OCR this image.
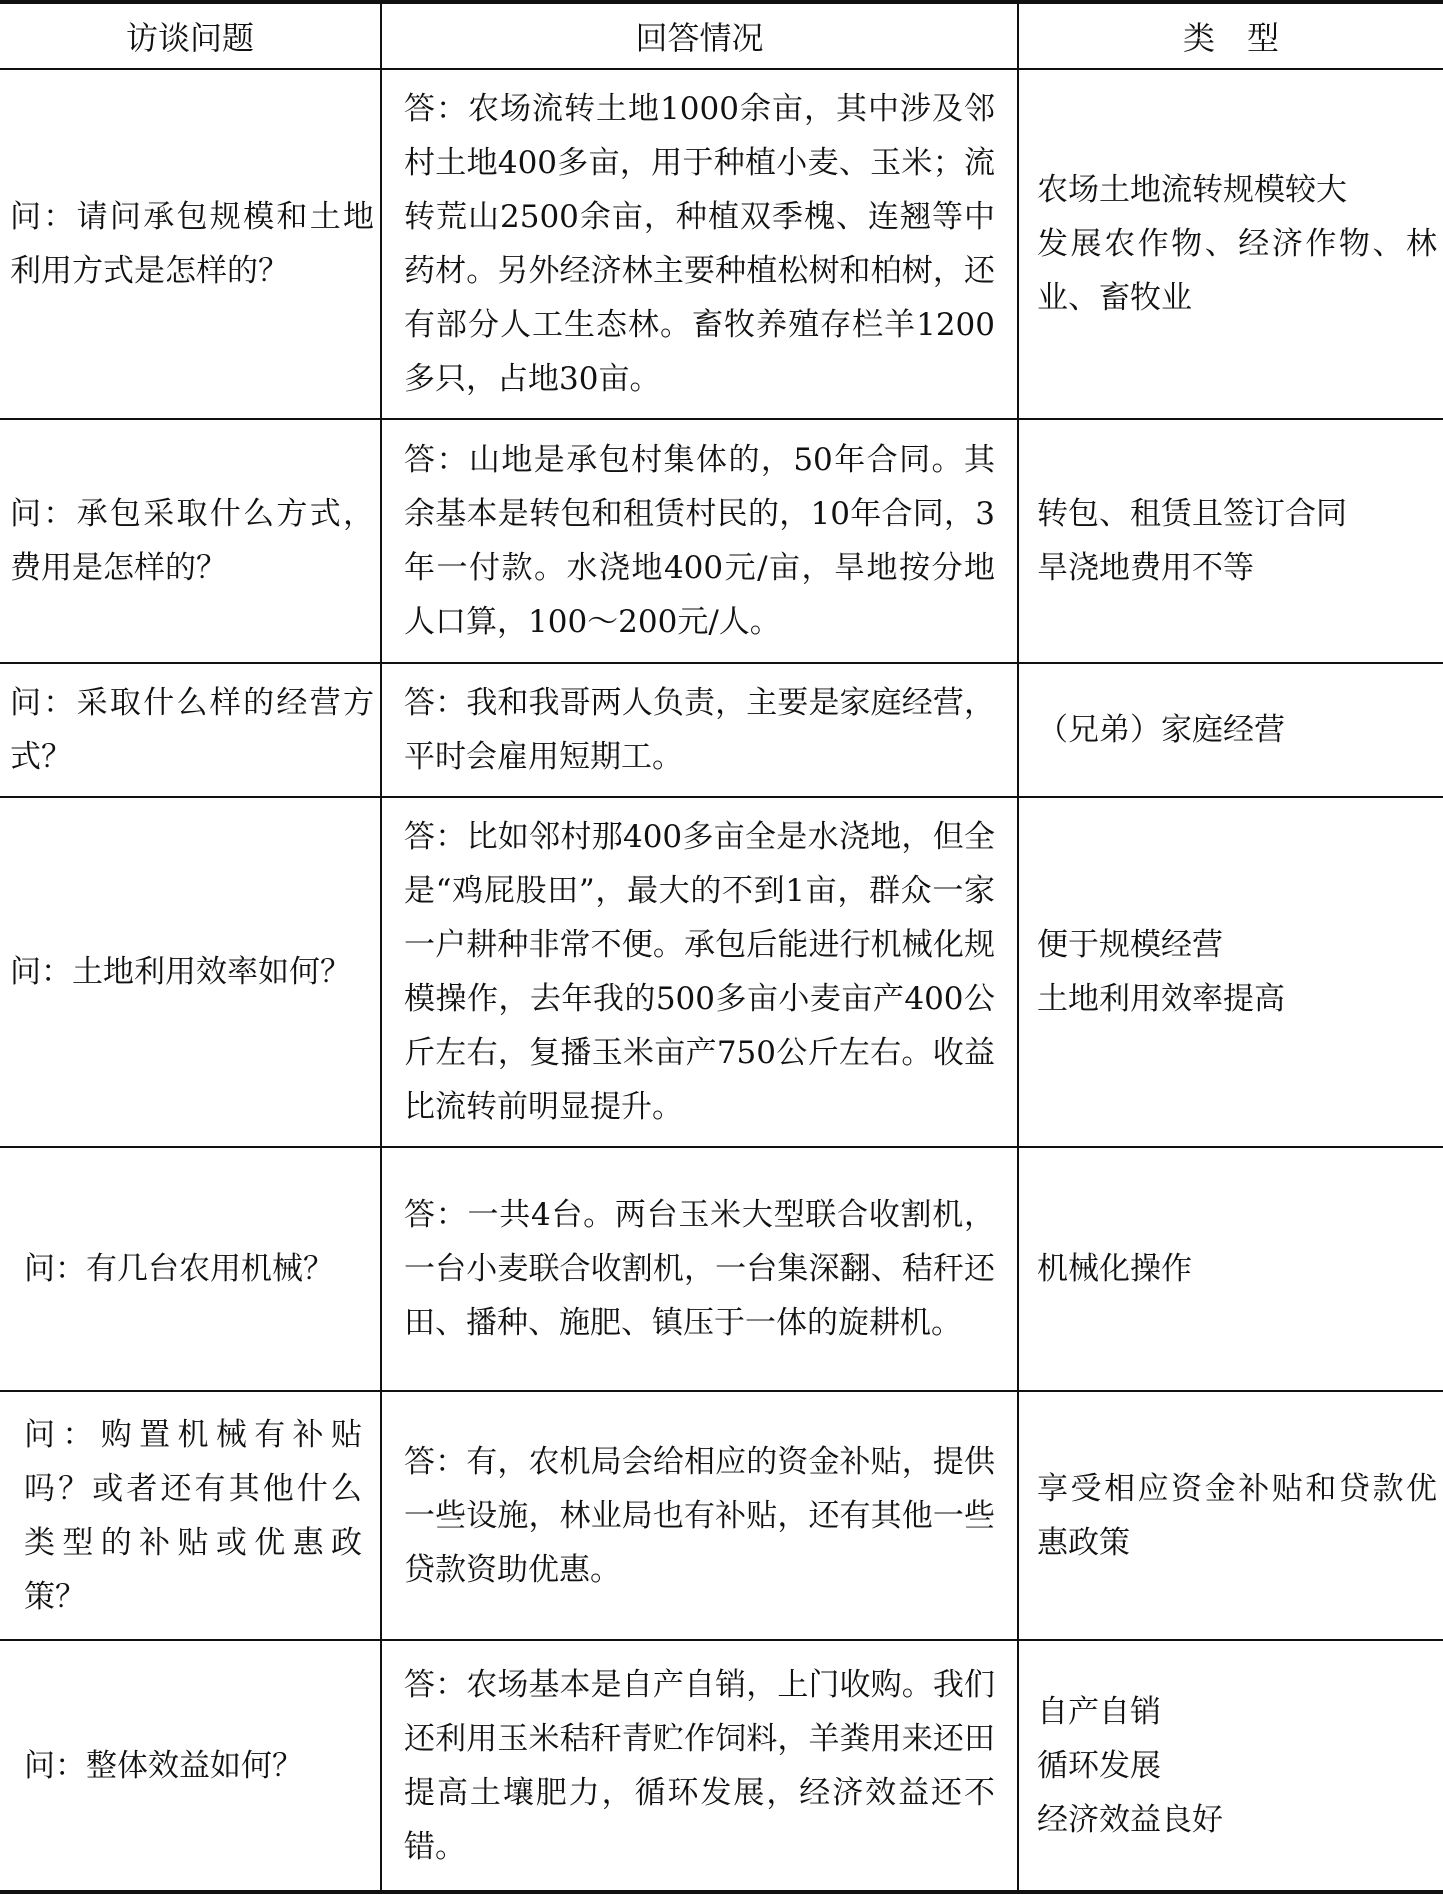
访谈问题	回答情况	类　型
问：请问承包规模和土地利用方式是怎样的？	答：农场流转土地1000余亩，其中涉及邻村土地400多亩，用于种植小麦、玉米；流转荒山2500余亩，种植双季槐、连翘等中药材。另外经济林主要种植松树和柏树，还有部分人工生态林。畜牧养殖存栏羊1200多只，占地30亩。	农场土地流转规模较大
发展农作物、经济作物、林业、畜牧业

问：承包采取什么方式，费用是怎样的？	答：山地是承包村集体的，50年合同。其余基本是转包和租赁村民的，10年合同，3年一付款。水浇地400元/亩，旱地按分地人口算，100～200元/人。	转包、租赁且签订合同
旱浇地费用不等

问：采取什么样的经营方式？	答：我和我哥两人负责，主要是家庭经营，平时会雇用短期工。	（兄弟）家庭经营

问：土地利用效率如何？	答：比如邻村那400多亩全是水浇地，但全是“鸡屁股田”，最大的不到1亩，群众一家一户耕种非常不便。承包后能进行机械化规模操作，去年我的500多亩小麦亩产400公斤左右，复播玉米亩产750公斤左右。收益比流转前明显提升。	便于规模经营
土地利用效率提高

问：有几台农用机械？	答：一共4台。两台玉米大型联合收割机，一台小麦联合收割机，一台集深翻、秸秆还田、播种、施肥、镇压于一体的旋耕机。	机械化操作

问：购置机械有补贴吗？或者还有其他什么类型的补贴或优惠政策？	答：有，农机局会给相应的资金补贴，提供一些设施，林业局也有补贴，还有其他一些贷款资助优惠。	享受相应资金补贴和贷款优惠政策

问：整体效益如何？	答：农场基本是自产自销，上门收购。我们还利用玉米秸秆青贮作饲料，羊粪用来还田提高土壤肥力，循环发展，经济效益还不错。	自产自销
循环发展
经济效益良好
